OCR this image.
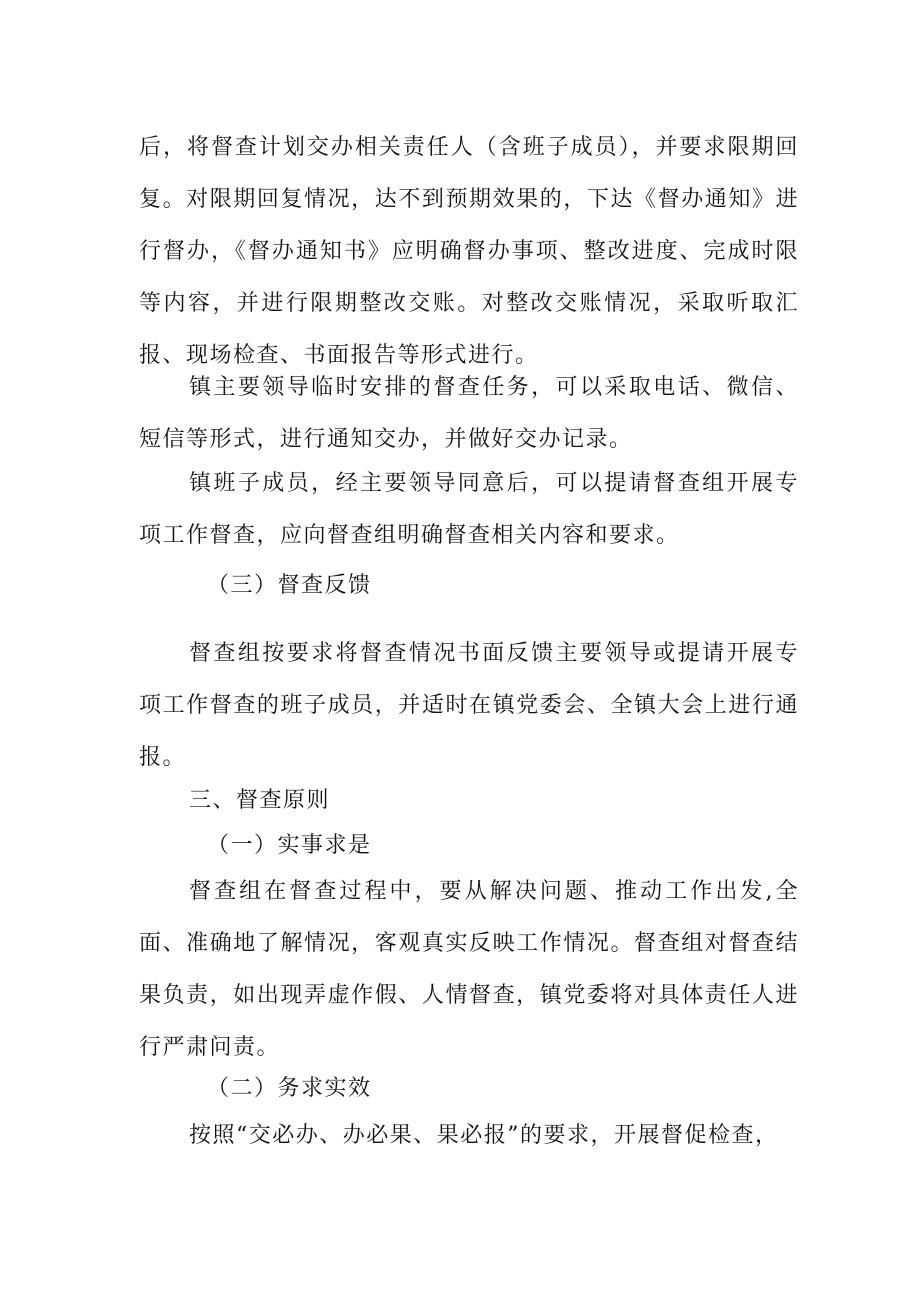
后，将督查计划交办相关责任人（含班子成员），并要求限期回复。对限期回复情况，达不到预期效果的，下达《督办通知》进行督办，《督办通知书》应明确督办事项、整改进度、完成时限等内容，并进行限期整改交账。对整改交账情况，采取听取汇报、现场检查、书面报告等形式进行。

镇主要领导临时安排的督查任务，可以采取电话、微信、短信等形式，进行通知交办，并做好交办记录。

镇班子成员，经主要领导同意后，可以提请督查组开展专项工作督查，应向督查组明确督查相关内容和要求。

（三）督查反馈

督查组按要求将督查情况书面反馈主要领导或提请开展专项工作督查的班子成员，并适时在镇党委会、全镇大会上进行通报。

三、督查原则

（一）实事求是

督查组在督查过程中，要从解决问题、推动工作出发,全面、准确地了解情况，客观真实反映工作情况。督查组对督查结果负责，如出现弄虚作假、人情督查，镇党委将对具体责任人进行严肃问责。

（二）务求实效

按照“交必办、办必果、果必报”的要求，开展督促检查，
